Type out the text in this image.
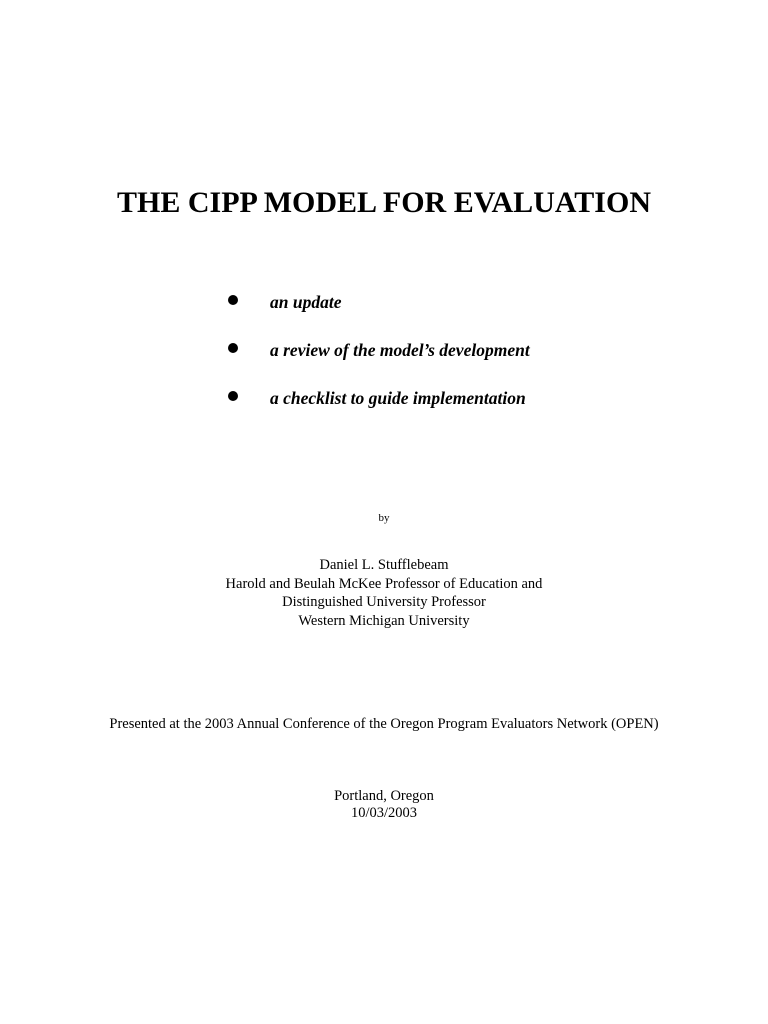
THE CIPP MODEL FOR EVALUATION
an update
a review of the model’s development
a checklist to guide implementation
by
Daniel L. Stufflebeam
Harold and Beulah McKee Professor of Education and
Distinguished University Professor
Western Michigan University
Presented at the 2003 Annual Conference of the Oregon Program Evaluators Network (OPEN)
Portland, Oregon
10/03/2003
